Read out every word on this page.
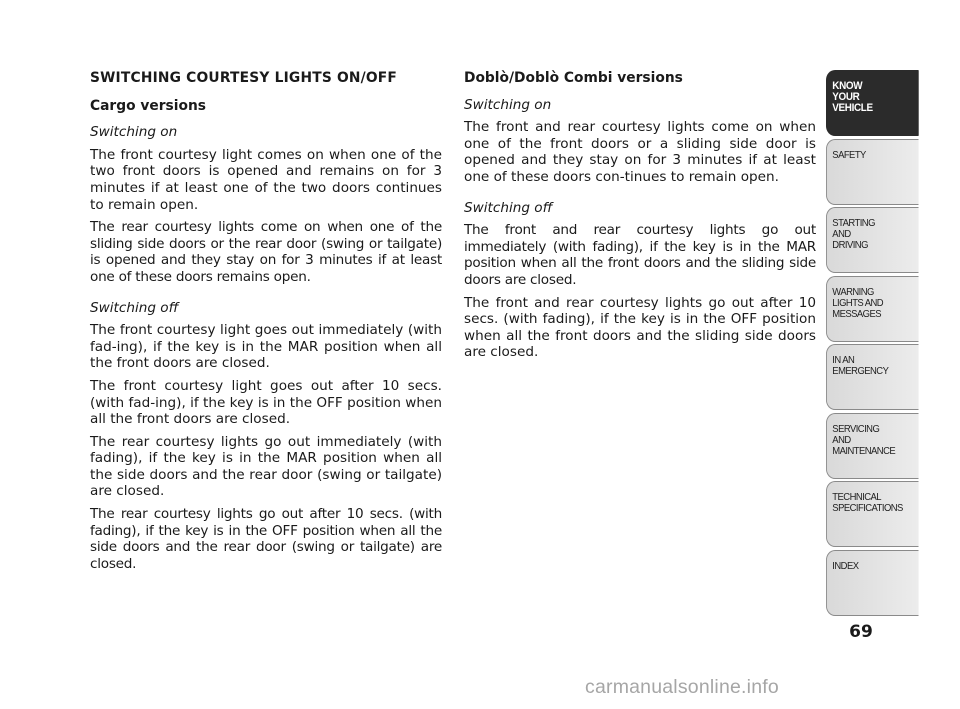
SWITCHING COURTESY LIGHTS ON/OFF

Cargo versions

Switching on

The front courtesy light comes on when one of the two front doors is opened and remains on for 3 minutes if at least one of the two doors continues to remain open.

The rear courtesy lights come on when one of the sliding side doors or the rear door (swing or tailgate) is opened and they stay on for 3 minutes if at least one of these doors remains open.

Switching off

The front courtesy light goes out immediately (with fad-ing), if the key is in the MAR position when all the front doors are closed.

The front courtesy light goes out after 10 secs. (with fad-ing), if the key is in the OFF position when all the front doors are closed.

The rear courtesy lights go out immediately (with fading), if the key is in the MAR position when all the side doors and the rear door (swing or tailgate) are closed.

The rear courtesy lights go out after 10 secs. (with fading), if the key is in the OFF position when all the side doors and the rear door (swing or tailgate) are closed.

Doblò/Doblò Combi versions

Switching on

The front and rear courtesy lights come on when one of the front doors or a sliding side door is opened and they stay on for 3 minutes if at least one of these doors con-tinues to remain open.

Switching off

The front and rear courtesy lights go out immediately (with fading), if the key is in the MAR position when all the front doors and the sliding side doors are closed.

The front and rear courtesy lights go out after 10 secs. (with fading), if the key is in the OFF position when all the front doors and the sliding side doors are closed.

KNOW
YOUR
VEHICLE
SAFETY
STARTING
AND
DRIVING
WARNING
LIGHTS AND
MESSAGES
IN AN
EMERGENCY
SERVICING
AND
MAINTENANCE
TECHNICAL
SPECIFICATIONS
INDEX
69
carmanualsonline.info
